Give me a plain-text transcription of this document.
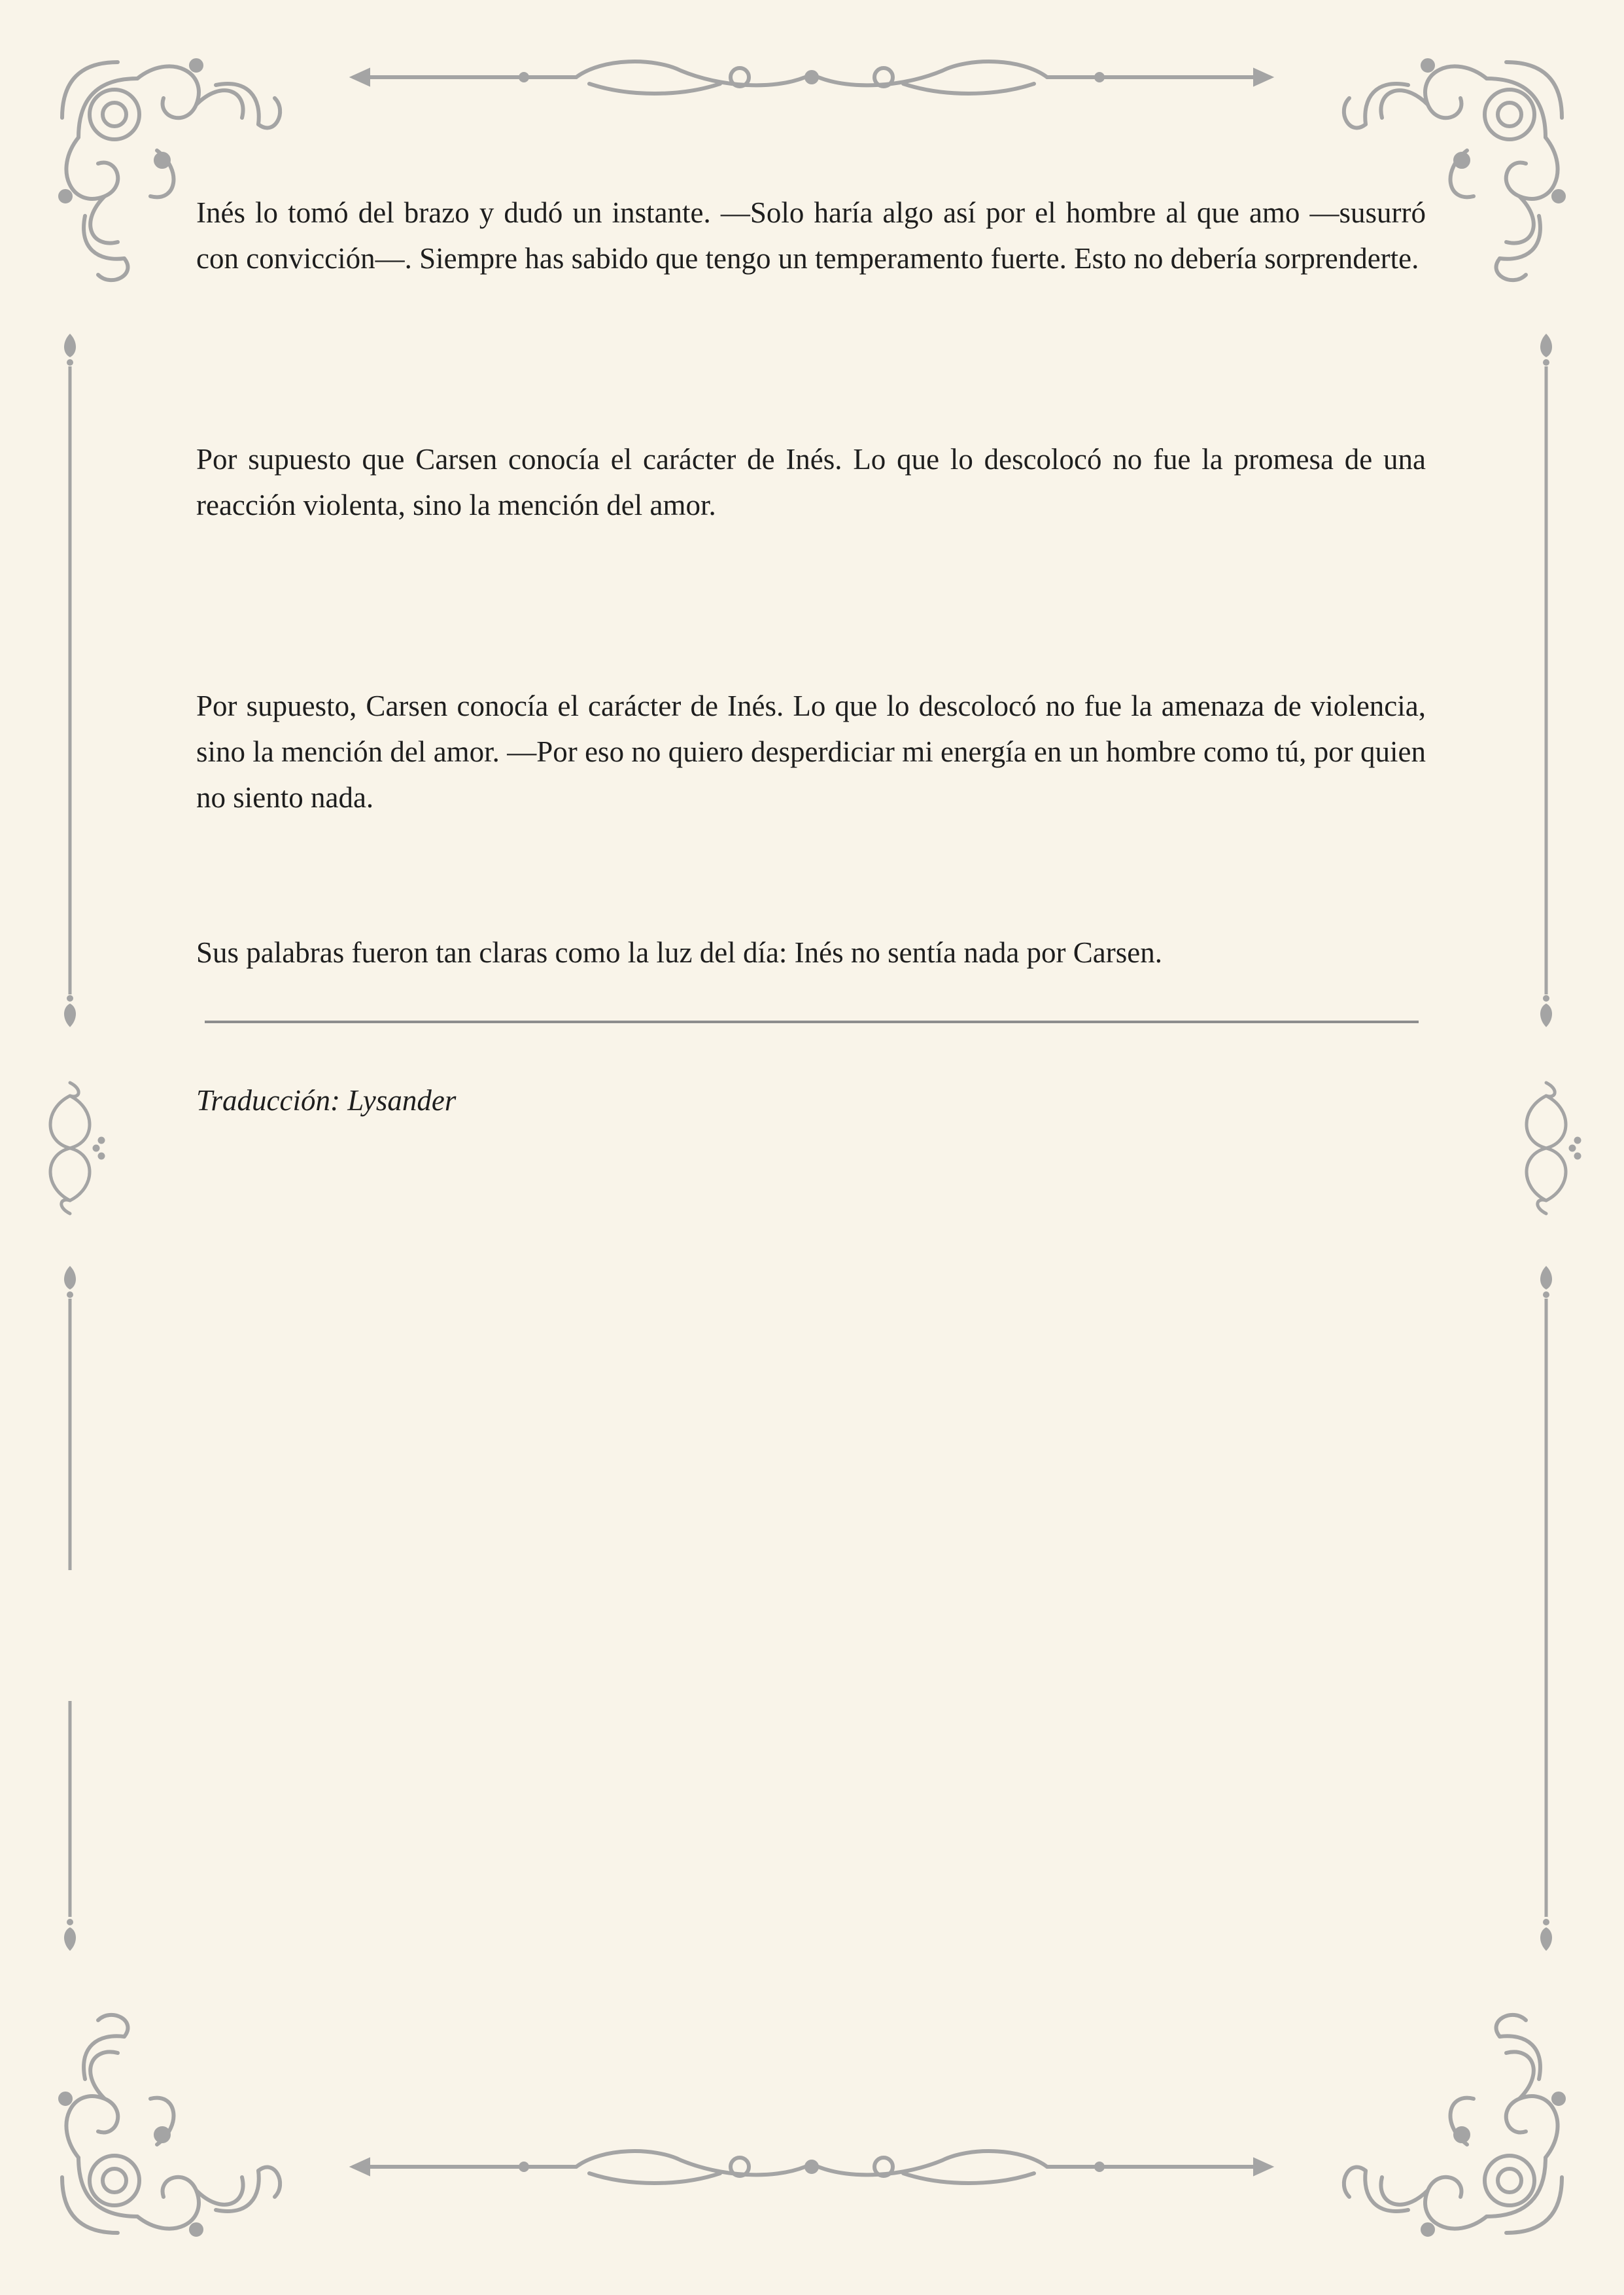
Inés lo tomó del brazo y dudó un instante. —Solo haría algo así por el hombre al que amo —susurró con convicción—. Siempre has sabido que tengo un temperamento fuerte. Esto no debería sorprenderte.

Por supuesto que Carsen conocía el carácter de Inés. Lo que lo descolocó no fue la promesa de una reacción violenta, sino la mención del amor.

Por supuesto, Carsen conocía el carácter de Inés. Lo que lo descolocó no fue la amenaza de violencia, sino la mención del amor. —Por eso no quiero desperdiciar mi energía en un hombre como tú, por quien no siento nada.

Sus palabras fueron tan claras como la luz del día: Inés no sentía nada por Carsen.

Traducción: Lysander
